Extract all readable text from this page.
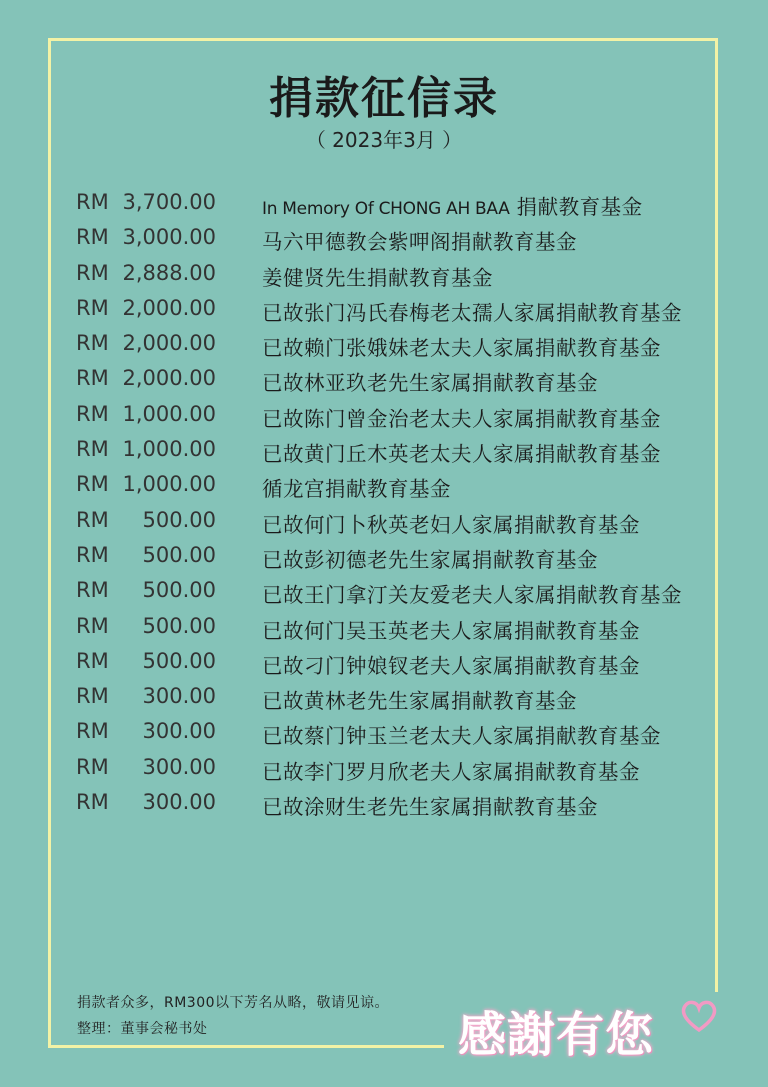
捐款征信录
（ 2023年3月 ）
RM 3,700.00	In Memory Of CHONG AH BAA 捐献教育基金
RM 3,000.00 马六甲德教会紫呷阁捐献教育基金
RM 2,888.00 姜健贤先生捐献教育基金
RM 2,000.00 已故张门冯氏春梅老太孺人家属捐献教育基金
RM 2,000.00 已故赖门张娥妹老太夫人家属捐献教育基金
RM 2,000.00 已故林亚玖老先生家属捐献教育基金
RM 1,000.00 已故陈门曾金治老太夫人家属捐献教育基金
RM 1,000.00 已故黄门丘木英老太夫人家属捐献教育基金
RM 1,000.00 循龙宫捐献教育基金
RM	500.00 已故何门卜秋英老妇人家属捐献教育基金
RM	500.00 已故彭初德老先生家属捐献教育基金
RM	500.00 已故王门拿汀关友爱老夫人家属捐献教育基金
RM	500.00 已故何门吴玉英老夫人家属捐献教育基金
RM	500.00 已故刁门钟娘钗老夫人家属捐献教育基金
RM	300.00 已故黄林老先生家属捐献教育基金
RM	300.00 已故蔡门钟玉兰老太夫人家属捐献教育基金
RM	300.00 已故李门罗月欣老夫人家属捐献教育基金
RM	300.00 已故涂财生老先生家属捐献教育基金
捐款者众多，RM300以下芳名从略，敬请见谅。
整理：董事会秘书处	感謝有您
